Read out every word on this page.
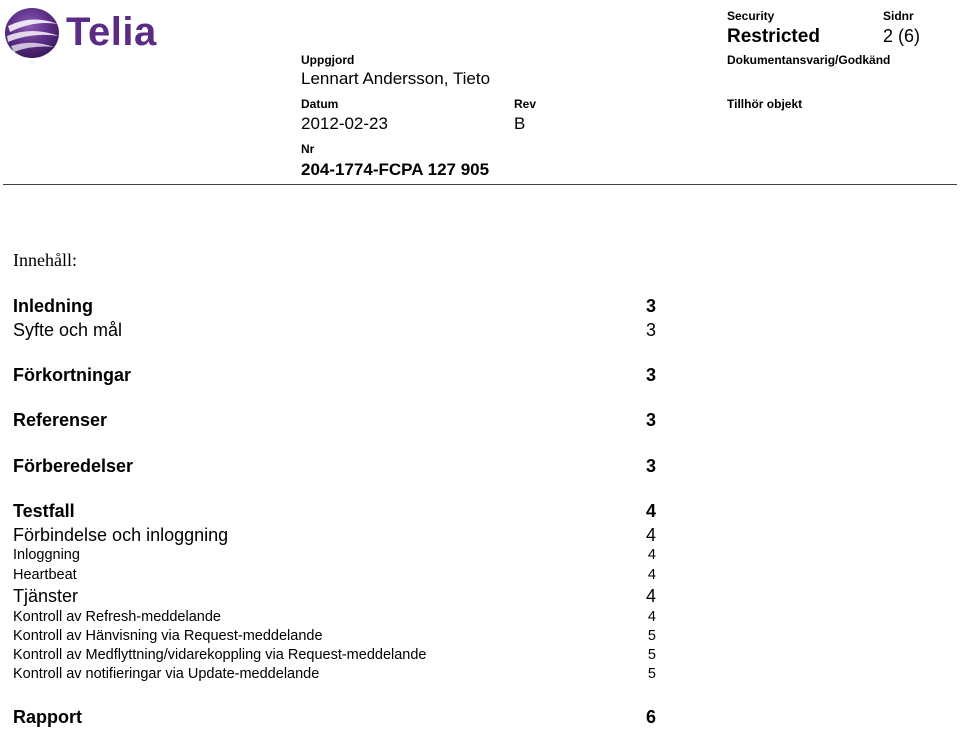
Telia	Security
Restricted
Sidnr
2 (6)
Uppgjord
Lennart Andersson, Tieto
Dokumentansvarig/Godkänd
Datum
2012-02-23
Rev
B
Tillhör objekt
Nr
204-1774-FCPA 127 905
Innehåll:
Inledning	3
Syfte och mål	3
Förkortningar	3
Referenser	3
Förberedelser	3
Testfall	4
Förbindelse och inloggning	4
Inloggning	4
Heartbeat	4
Tjänster	4
Kontroll av Refresh-meddelande	4
Kontroll av Hänvisning via Request-meddelande	5
Kontroll av Medflyttning/vidarekoppling via Request-meddelande	5
Kontroll av notifieringar via Update-meddelande	5
Rapport	6
